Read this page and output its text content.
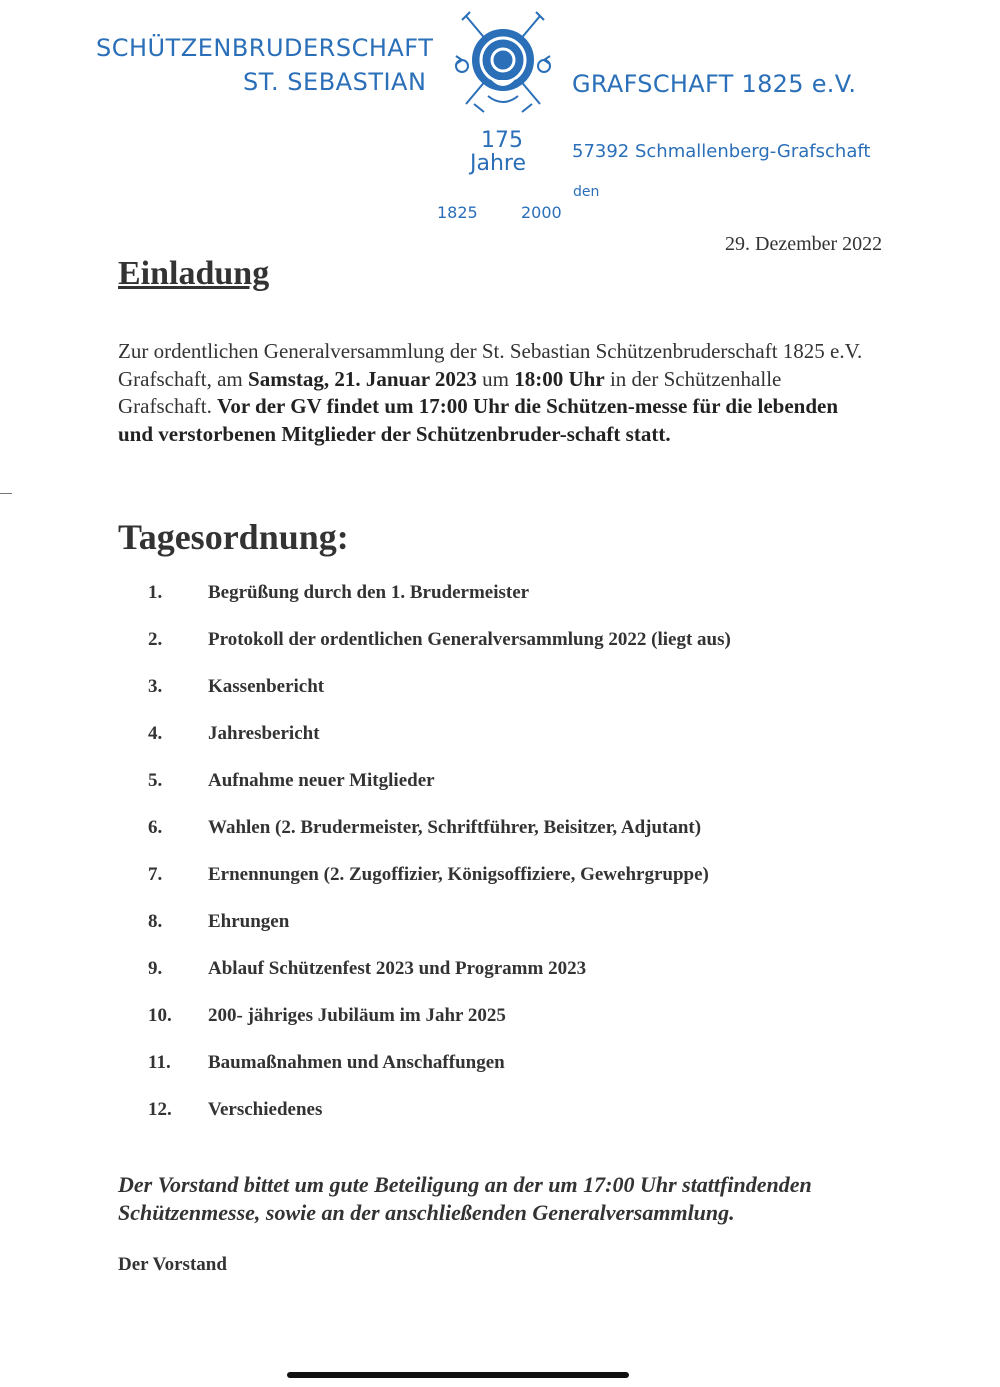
SCHÜTZENBRUDERSCHAFT
ST. SEBASTIAN	GRAFSCHAFT 1825 e.V.
175
Jahre
1825	2000
57392 Schmallenberg-Grafschaft
den
29. Dezember 2022
Einladung

Zur ordentlichen Generalversammlung der St. Sebastian Schützenbruderschaft 1825 e.V. Grafschaft, am Samstag, 21. Januar 2023 um 18:00 Uhr in der Schützenhalle Grafschaft. Vor der GV findet um 17:00 Uhr die Schützen-messe für die lebenden und verstorbenen Mitglieder der Schützenbruder-schaft statt.

Tagesordnung:
1. Begrüßung durch den 1. Brudermeister
2. Protokoll der ordentlichen Generalversammlung 2022 (liegt aus)
3. Kassenbericht
4. Jahresbericht
5. Aufnahme neuer Mitglieder
6. Wahlen (2. Brudermeister, Schriftführer, Beisitzer, Adjutant)
7. Ernennungen (2. Zugoffizier, Königsoffiziere, Gewehrgruppe)
8. Ehrungen
9. Ablauf Schützenfest 2023 und Programm 2023
10. 200- jähriges Jubiläum im Jahr 2025
11. Baumaßnahmen und Anschaffungen
12. Verschiedenes

Der Vorstand bittet um gute Beteiligung an der um 17:00 Uhr stattfindenden Schützenmesse, sowie an der anschließenden Generalversammlung.

Der Vorstand
